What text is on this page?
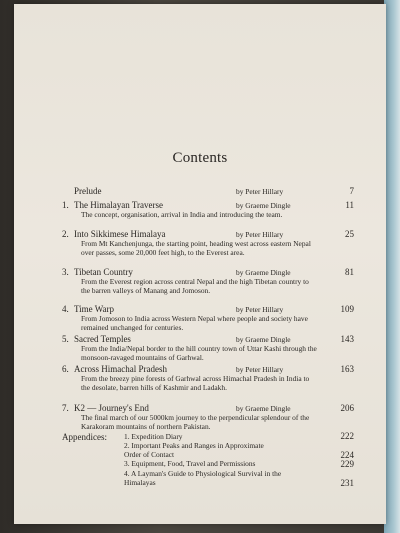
Contents
Prelude	by Peter Hillary	7
1. The Himalayan Traverse	by Graeme Dingle	11
The concept, organisation, arrival in India and introducing the team.
2. Into Sikkimese Himalaya	by Peter Hillary	25
From Mt Kanchenjunga, the starting point, heading west across eastern Nepal over passes, some 20,000 feet high, to the Everest area.
3. Tibetan Country	by Graeme Dingle	81
From the Everest region across central Nepal and the high Tibetan country to the barren valleys of Manang and Jomoson.
4. Time Warp	by Peter Hillary	109
From Jomoson to India across Western Nepal where people and society have remained unchanged for centuries.
5. Sacred Temples	by Graeme Dingle	143
From the India/Nepal border to the hill country town of Uttar Kashi through the monsoon-ravaged mountains of Garhwal.
6. Across Himachal Pradesh	by Peter Hillary	163
From the breezy pine forests of Garhwal across Himachal Pradesh in India to the desolate, barren hills of Kashmir and Ladakh.
7. K2 — Journey's End	by Graeme Dingle	206
The final march of our 5000km journey to the perpendicular splendour of the Karakoram mountains of northern Pakistan.
Appendices: 1. Expedition Diary	222
2. Important Peaks and Ranges in Approximate Order of Contact	224
3. Equipment, Food, Travel and Permissions	229
4. A Layman's Guide to Physiological Survival in the Himalayas	231
